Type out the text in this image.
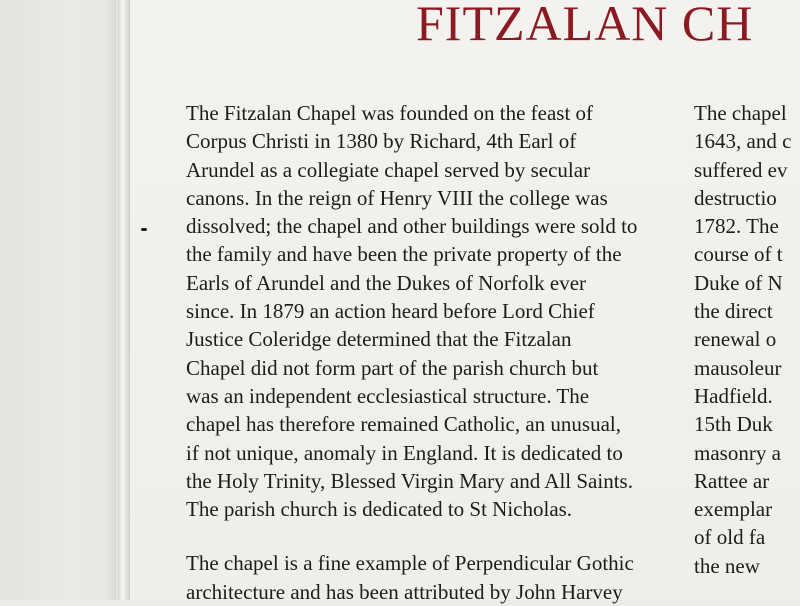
FITZALAN CH

The Fitzalan Chapel was founded on the feast of
Corpus Christi in 1380 by Richard, 4th Earl of
Arundel as a collegiate chapel served by secular
canons. In the reign of Henry VIII the college was
dissolved; the chapel and other buildings were sold to
the family and have been the private property of the
Earls of Arundel and the Dukes of Norfolk ever
since. In 1879 an action heard before Lord Chief
Justice Coleridge determined that the Fitzalan
Chapel did not form part of the parish church but
was an independent ecclesiastical structure. The
chapel has therefore remained Catholic, an unusual,
if not unique, anomaly in England. It is dedicated to
the Holy Trinity, Blessed Virgin Mary and All Saints.
The parish church is dedicated to St Nicholas.

The chapel is a fine example of Perpendicular Gothic
architecture and has been attributed by John Harvey

The chapel
1643, and c
suffered ev
destructio
1782. The
course of t
Duke of N
the direct
renewal o
mausoleur
Hadfield.
15th Duk
masonry a
Rattee ar
exemplar
of old fa
the new
